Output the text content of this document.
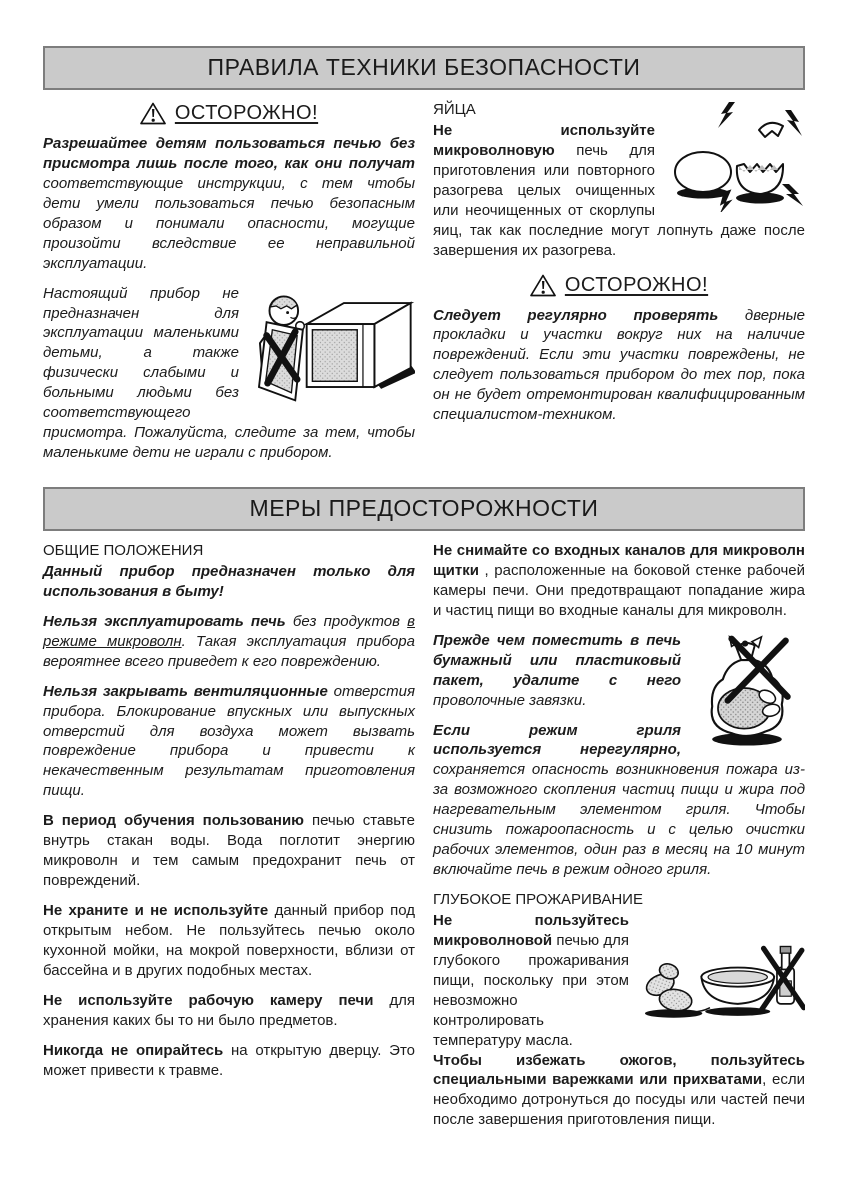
ПРАВИЛА ТЕХНИКИ БЕЗОПАСНОСТИ
ОСТОРОЖНО!

Разрешайтее детям пользоваться печью без присмотра лишь после того, как они получат соответствующие инструкции, с тем чтобы дети умели пользоваться печью безопасным образом и понимали опасности, могущие произойти вследствие ее неправильной эксплуатации.

Настоящий прибор не предназначен для эксплуатации маленькими детьми, а также физически слабыми и больными людьми без соответствующего присмотра. Пожалуйста, следите за тем, чтобы маленькиме дети не играли с прибором.

ЯЙЦА

Не используйте микроволновую печь для приготовления или повторного разогрева целых очищенных или неочищенных от скорлупы яиц, так как последние могут лопнуть даже после завершения их разогрева.

ОСТОРОЖНО!

Следует регулярно проверять дверные прокладки и участки вокруг них на наличие повреждений. Если эти участки повреждены, не следует пользоваться прибором до тех пор, пока он не будет отремонтирован квалифицированным специалистом-техником.

МЕРЫ ПРЕДОСТОРОЖНОСТИ

ОБЩИЕ ПОЛОЖЕНИЯ

Данный прибор предназначен только для использования в быту!

Нельзя эксплуатировать печь без продуктов в режиме микроволн. Такая эксплуатация прибора вероятнее всего приведет к его повреждению.

Нельзя закрывать вентиляционные отверстия прибора. Блокирование впускных или выпускных отверстий для воздуха может вызвать повреждение прибора и привести к некачественным результатам приготовления пищи.

В период обучения пользованию печью ставьте внутрь стакан воды. Вода поглотит энергию микроволн и тем самым предохранит печь от повреждений.

Не храните и не используйте данный прибор под открытым небом. Не пользуйтесь печью около кухонной мойки, на мокрой поверхности, вблизи от бассейна и в других подобных местах.

Не используйте рабочую камеру печи для хранения каких бы то ни было предметов.

Никогда не опирайтесь на открытую дверцу. Это может привести к травме.

Не снимайте со входных каналов для микроволн щитки , расположенные на боковой стенке рабочей камеры печи. Они предотвращают попадание жира и частиц пищи во входные каналы для микроволн.

Прежде чем поместить в печь бумажный или пластиковый пакет, удалите с него проволочные завязки.

Если режим гриля используется нерегулярно, сохраняется опасность возникновения пожара из-за возможного скопления частиц пищи и жира под нагревательным элементом гриля. Чтобы снизить пожароопасность и с целью очистки рабочих элементов, один раз в месяц на 10 минут включайте печь в режим одного гриля.

ГЛУБОКОЕ ПРОЖАРИВАНИЕ

Не пользуйтесь микроволновой печью для глубокого прожаривания пищи, поскольку при этом невозможно контролировать температуру масла.

Чтобы избежать ожогов, пользуйтесь специальными варежками или прихватами, если необходимо дотронуться до посуды или частей печи после завершения приготовления пищи.
